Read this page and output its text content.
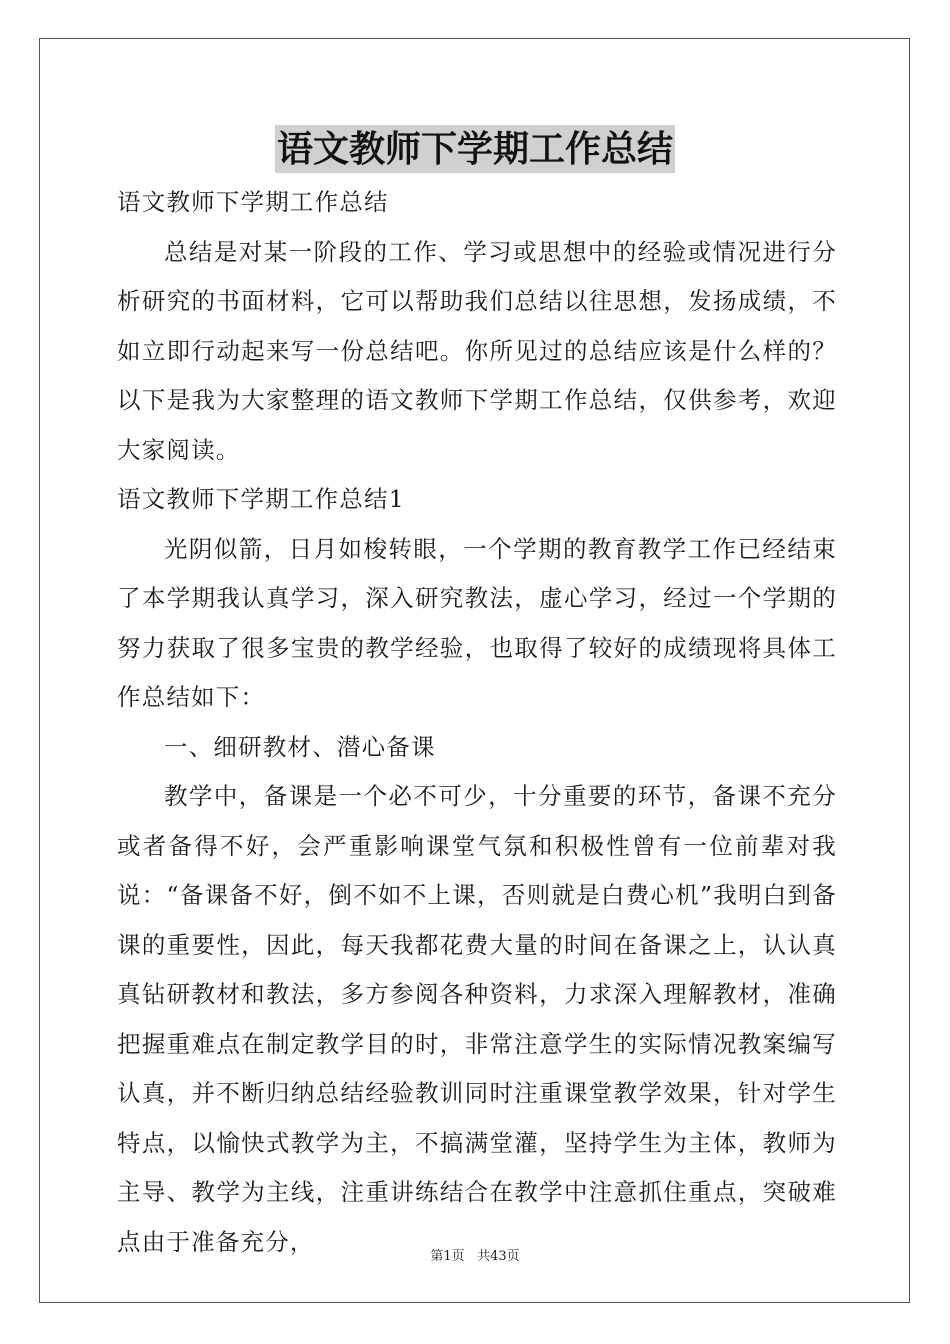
语文教师下学期工作总结

语文教师下学期工作总结

总结是对某一阶段的工作、学习或思想中的经验或情况进行分析研究的书面材料，它可以帮助我们总结以往思想，发扬成绩，不如立即行动起来写一份总结吧。你所见过的总结应该是什么样的？以下是我为大家整理的语文教师下学期工作总结，仅供参考，欢迎大家阅读。

语文教师下学期工作总结1

光阴似箭，日月如梭转眼，一个学期的教育教学工作已经结束了本学期我认真学习，深入研究教法，虚心学习，经过一个学期的努力获取了很多宝贵的教学经验，也取得了较好的成绩现将具体工作总结如下：

一、细研教材、潜心备课

教学中，备课是一个必不可少，十分重要的环节，备课不充分或者备得不好，会严重影响课堂气氛和积极性曾有一位前辈对我说：“备课备不好，倒不如不上课，否则就是白费心机”我明白到备课的重要性，因此，每天我都花费大量的时间在备课之上，认认真真钻研教材和教法，多方参阅各种资料，力求深入理解教材，准确把握重难点在制定教学目的时，非常注意学生的实际情况教案编写认真，并不断归纳总结经验教训同时注重课堂教学效果，针对学生特点，以愉快式教学为主，不搞满堂灌，坚持学生为主体，教师为主导、教学为主线，注重讲练结合在教学中注意抓住重点，突破难点由于准备充分，

第1页 共43页
